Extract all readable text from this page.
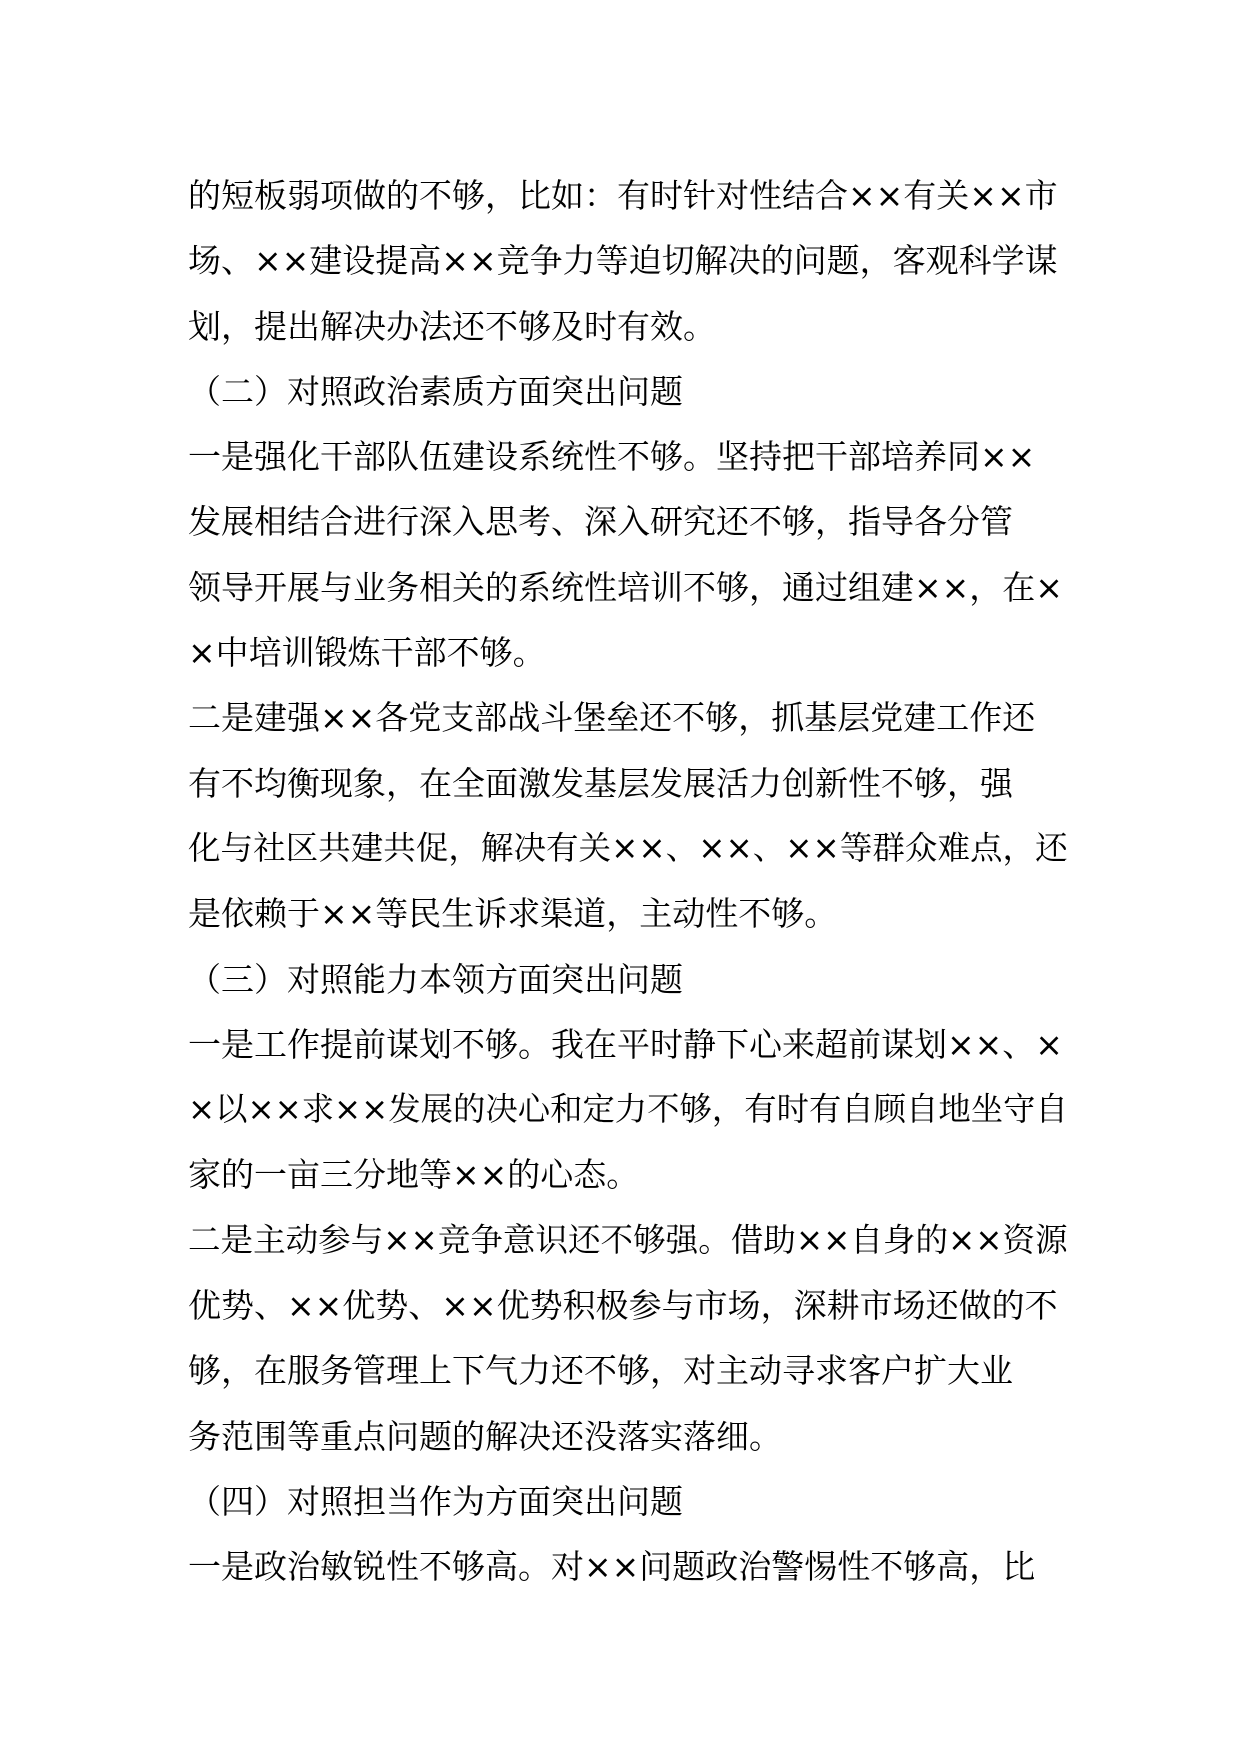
的短板弱项做的不够，比如：有时针对性结合××有关××市
场、××建设提高××竞争力等迫切解决的问题，客观科学谋
划，提出解决办法还不够及时有效。
（二）对照政治素质方面突出问题
一是强化干部队伍建设系统性不够。坚持把干部培养同××
发展相结合进行深入思考、深入研究还不够，指导各分管
领导开展与业务相关的系统性培训不够，通过组建××，在×
×中培训锻炼干部不够。
二是建强××各党支部战斗堡垒还不够，抓基层党建工作还
有不均衡现象，在全面激发基层发展活力创新性不够，强
化与社区共建共促，解决有关××、××、××等群众难点，还
是依赖于××等民生诉求渠道，主动性不够。
（三）对照能力本领方面突出问题
一是工作提前谋划不够。我在平时静下心来超前谋划××、×
×以××求××发展的决心和定力不够，有时有自顾自地坐守自
家的一亩三分地等××的心态。
二是主动参与××竞争意识还不够强。借助××自身的××资源
优势、××优势、××优势积极参与市场，深耕市场还做的不
够，在服务管理上下气力还不够，对主动寻求客户扩大业
务范围等重点问题的解决还没落实落细。
（四）对照担当作为方面突出问题
一是政治敏锐性不够高。对××问题政治警惕性不够高，比
